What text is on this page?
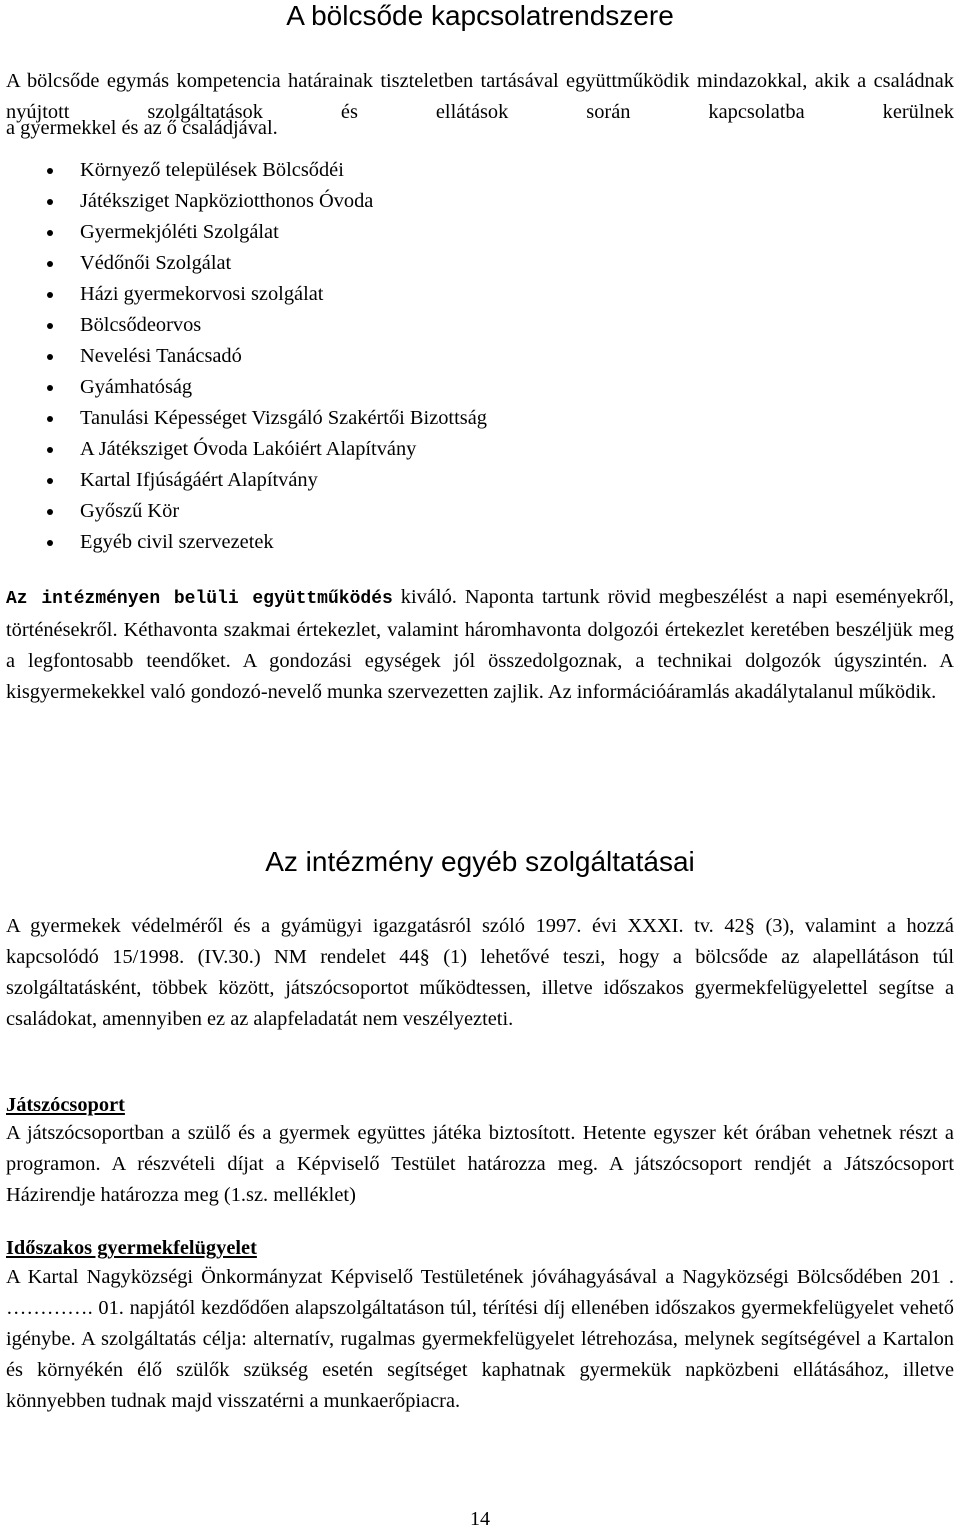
A bölcsőde kapcsolatrendszere

A bölcsőde egymás kompetencia határainak tiszteletben tartásával együttműködik mindazokkal, akik a családnak nyújtott szolgáltatások és ellátások során kapcsolatba kerülnek

a gyermekkel és az ő családjával.

Környező települések Bölcsődéi
Játéksziget Napköziotthonos Óvoda
Gyermekjóléti Szolgálat
Védőnői Szolgálat
Házi gyermekorvosi szolgálat
Bölcsődeorvos
Nevelési Tanácsadó
Gyámhatóság
Tanulási Képességet Vizsgáló Szakértői Bizottság
A Játéksziget Óvoda Lakóiért Alapítvány
Kartal Ifjúságáért Alapítvány
Győszű Kör
Egyéb civil szervezetek

Az intézményen belüli együttműködés kiváló. Naponta tartunk rövid megbeszélést a napi eseményekről, történésekről. Kéthavonta szakmai értekezlet, valamint háromhavonta dolgozói értekezlet keretében beszéljük meg a legfontosabb teendőket. A gondozási egységek jól összedolgoznak, a technikai dolgozók úgyszintén. A kisgyermekekkel való gondozó-nevelő munka szervezetten zajlik. Az információáramlás akadálytalanul működik.

Az intézmény egyéb szolgáltatásai

A gyermekek védelméről és a gyámügyi igazgatásról szóló 1997. évi XXXI. tv. 42§ (3), valamint a hozzá kapcsolódó 15/1998. (IV.30.) NM rendelet 44§ (1) lehetővé teszi, hogy a bölcsőde az alapellátáson túl szolgáltatásként, többek között, játszócsoportot működtessen, illetve időszakos gyermekfelügyelettel segítse a családokat, amennyiben ez az alapfeladatát nem veszélyezteti.

Játszócsoport

A játszócsoportban a szülő és a gyermek együttes játéka biztosított. Hetente egyszer két órában vehetnek részt a programon. A részvételi díjat a Képviselő Testület határozza meg. A játszócsoport rendjét a Játszócsoport Házirendje határozza meg (1.sz. melléklet)

Időszakos gyermekfelügyelet

A Kartal Nagyközségi Önkormányzat Képviselő Testületének jóváhagyásával a Nagyközségi Bölcsődében 201 . …………. 01. napjától kezdődően alapszolgáltatáson túl, térítési díj ellenében időszakos gyermekfelügyelet vehető igénybe. A szolgáltatás célja: alternatív, rugalmas gyermekfelügyelet létrehozása, melynek segítségével a Kartalon és környékén élő szülők szükség esetén segítséget kaphatnak gyermekük napközbeni ellátásához, illetve könnyebben tudnak majd visszatérni a munkaerőpiacra.

14
